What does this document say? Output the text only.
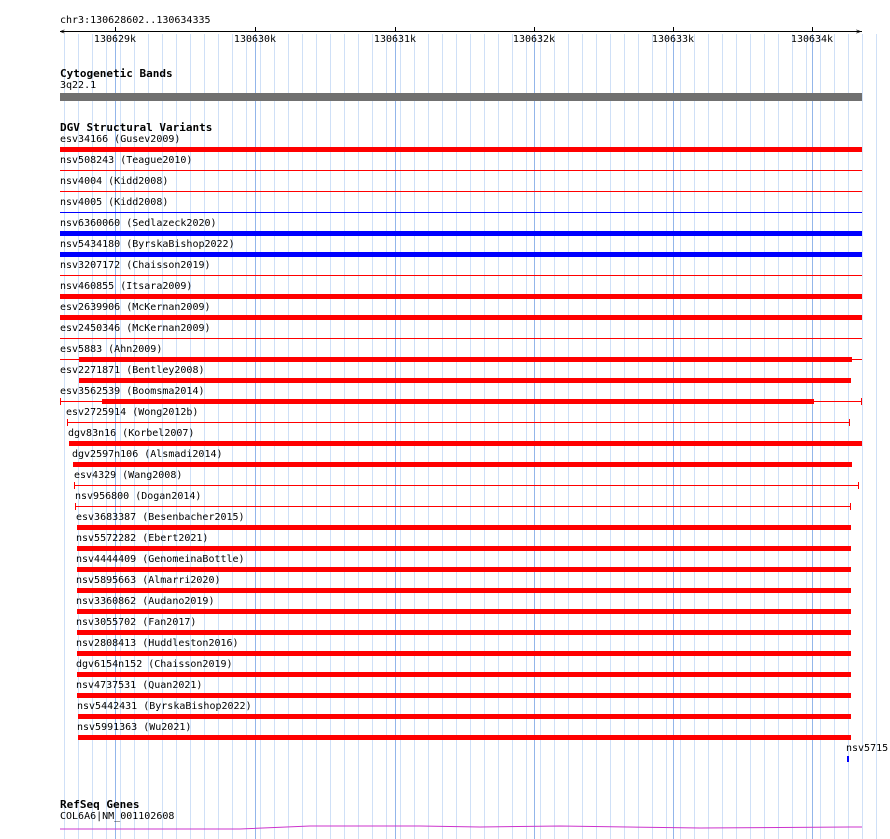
chr3:130628602..130634335
<	>
130629k	130630k	130631k	130632k	130633k	130634k
Cytogenetic Bands
3q22.1
DGV Structural Variants
esv34166 (Gusev2009)
nsv508243 (Teague2010)
nsv4004 (Kidd2008)
nsv4005 (Kidd2008)
nsv6360060 (Sedlazeck2020)
nsv5434180 (ByrskaBishop2022)
nsv3207172 (Chaisson2019)
nsv460855 (Itsara2009)
esv2639906 (McKernan2009)
esv2450346 (McKernan2009)
esv5883 (Ahn2009)
esv2271871 (Bentley2008)
esv3562539 (Boomsma2014)
esv2725914 (Wong2012b)
dgv83n16 (Korbel2007)
dgv2597n106 (Alsmadi2014)
esv4329 (Wang2008)
nsv956800 (Dogan2014)
esv3683387 (Besenbacher2015)
nsv5572282 (Ebert2021)
nsv4444409 (GenomeinaBottle)
nsv5895663 (Almarri2020)
nsv3360862 (Audano2019)
nsv3055702 (Fan2017)
nsv2808413 (Huddleston2016)
dgv6154n152 (Chaisson2019)
nsv4737531 (Quan2021)
nsv5442431 (ByrskaBishop2022)
nsv5991363 (Wu2021)
nsv5715
RefSeq Genes
COL6A6|NM_001102608
